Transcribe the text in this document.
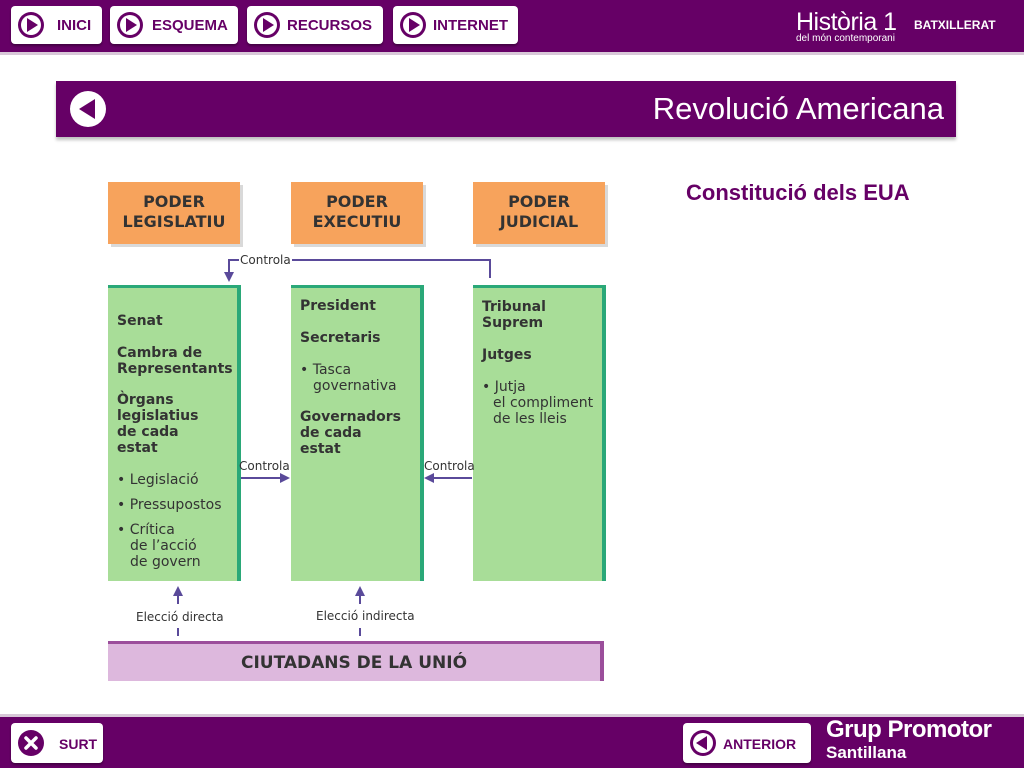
INICI	ESQUEMA	RECURSOS	INTERNET	Història 1 BATXILLERAT
del món contemporani
Revolució Americana
Constitució dels EUA
PODER
LEGISLATIU
PODER
EXECUTIU
PODER
JUDICIAL
Senat
Cambra de
Representants
Òrgans
legislatius
de cada
estat
• Legislació
• Pressupostos
• Crítica
de l’acció
de govern
President
Secretaris
• Tasca
governativa
Governadors
de cada
estat
Tribunal
Suprem
Jutges
• Jutja
el compliment
de les lleis
Controla
Controla	Controla
Elecció directa	Elecció indirecta
CIUTADANS DE LA UNIÓ
SURT	ANTERIOR
Grup Promotor
Santillana
